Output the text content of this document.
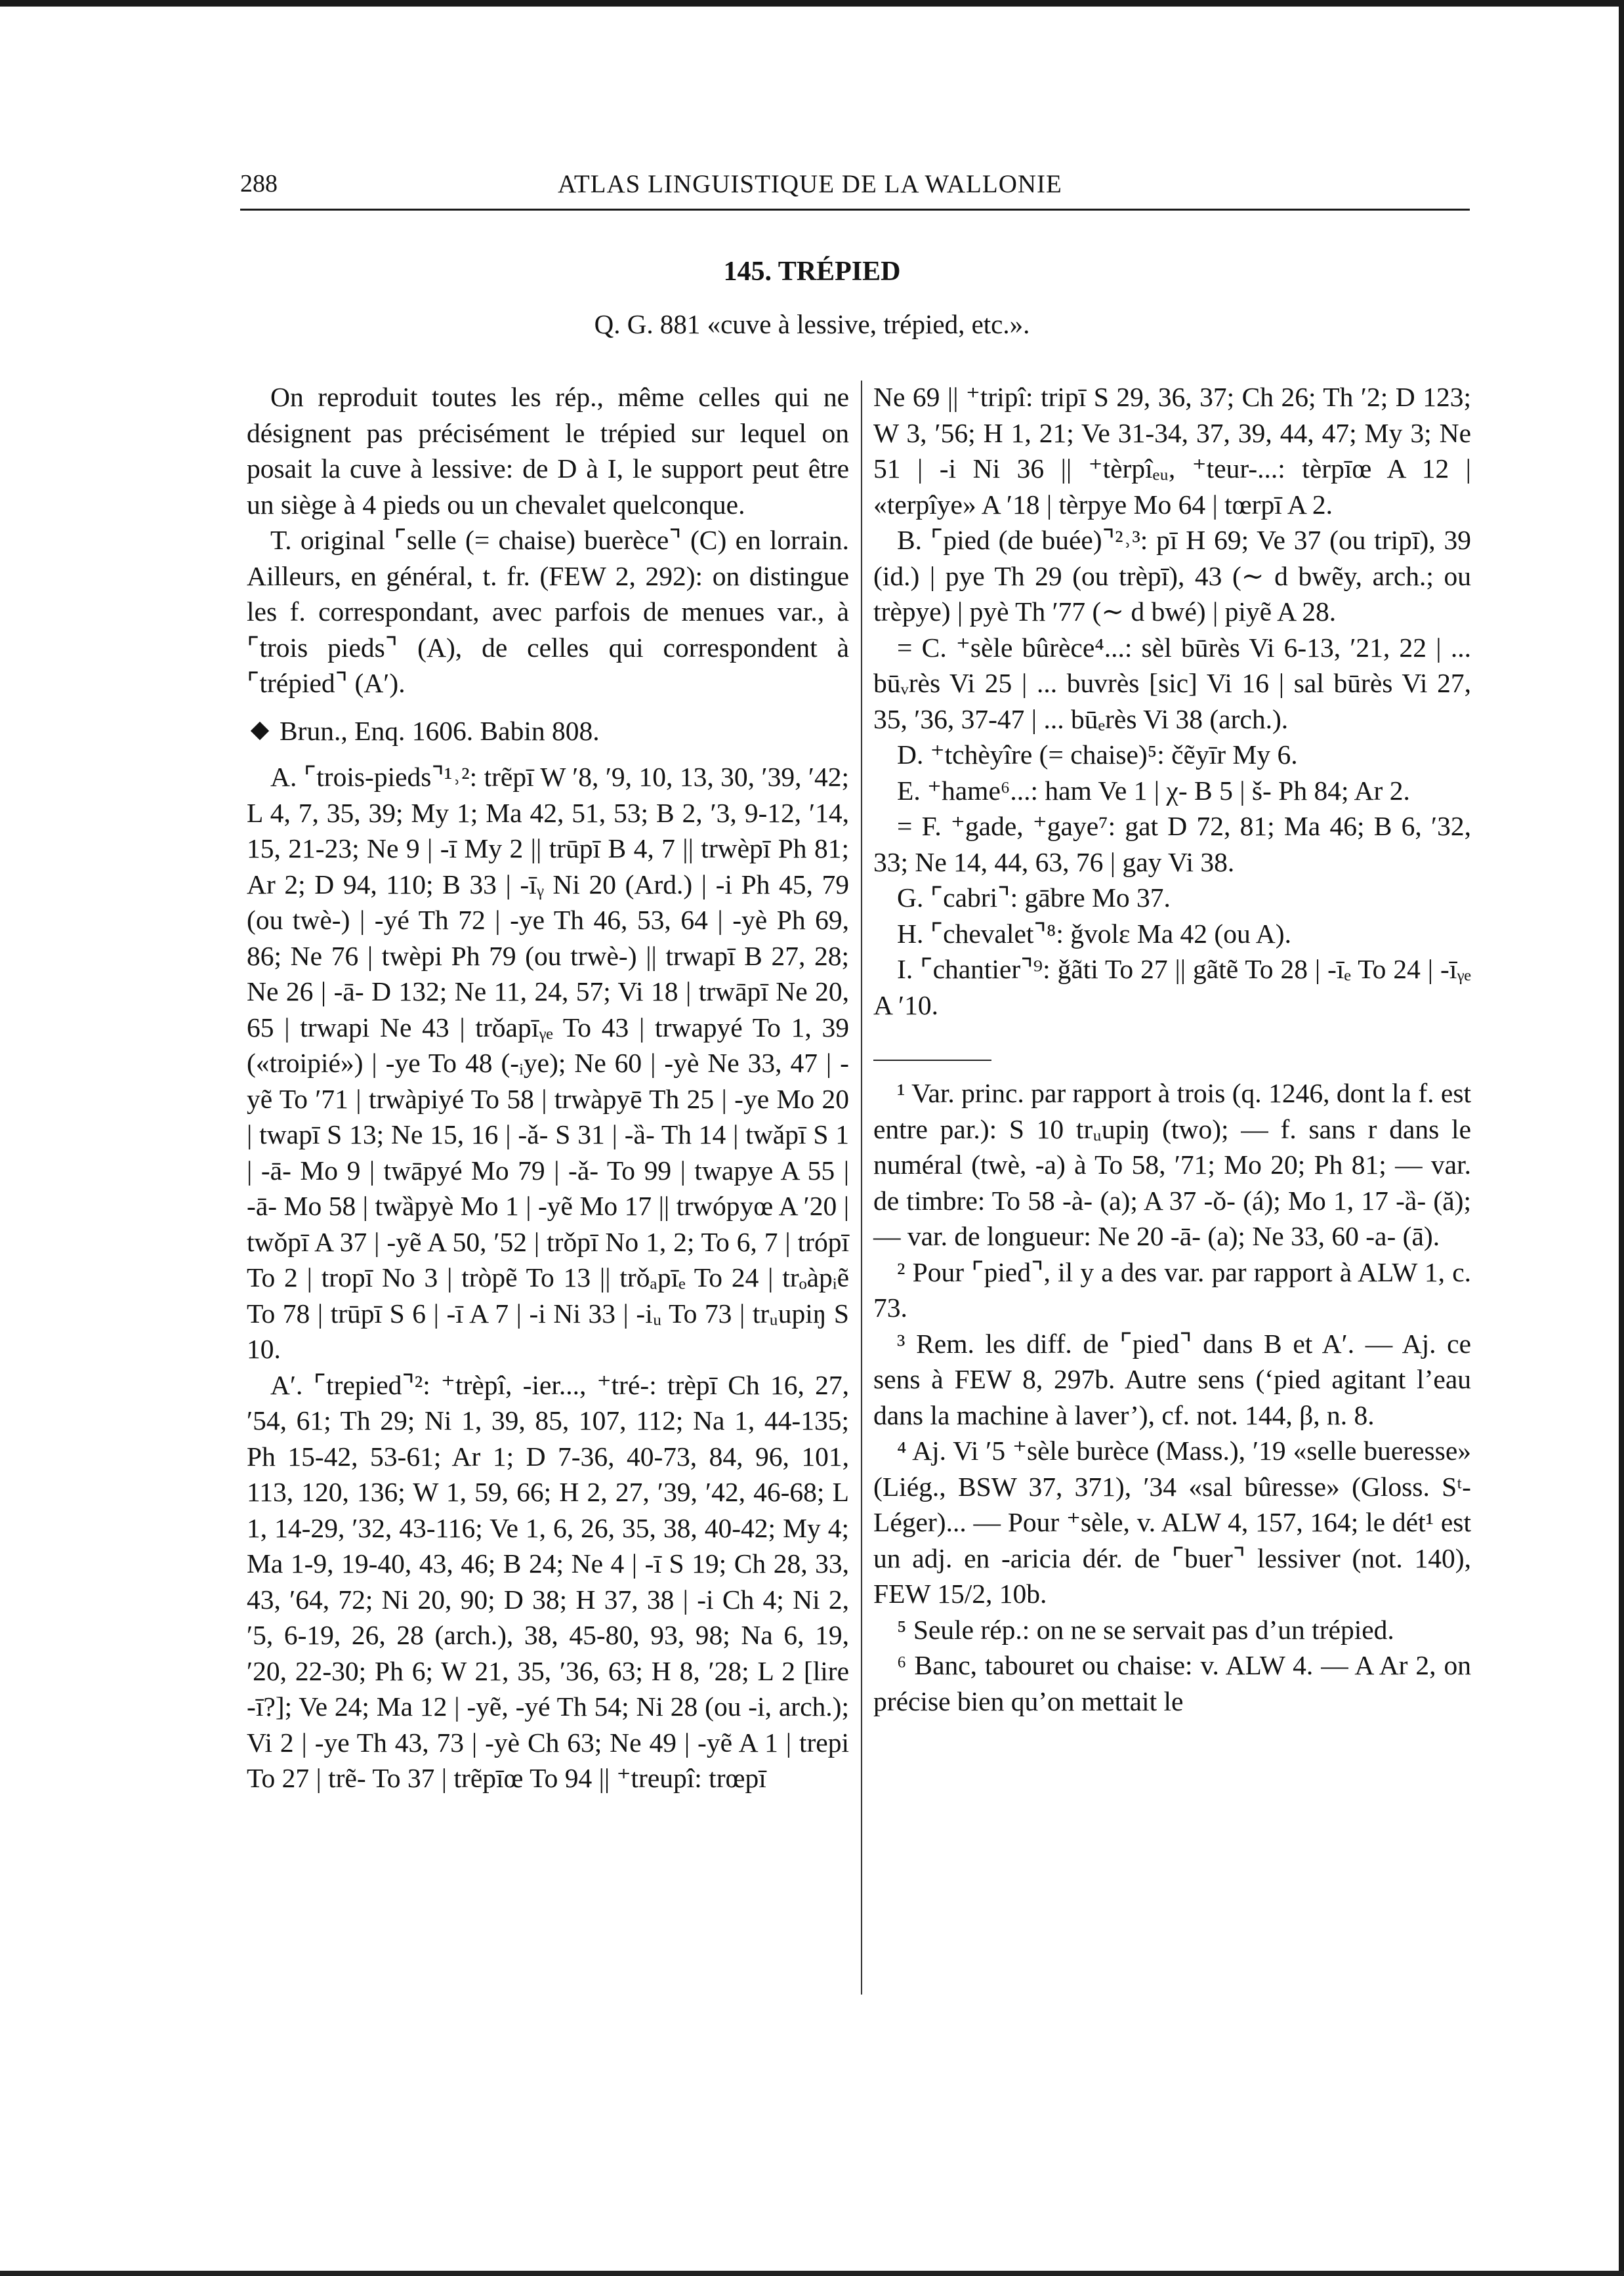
288	ATLAS LINGUISTIQUE DE LA WALLONIE
145. TRÉPIED
Q. G. 881 «cuve à lessive, trépied, etc.».

On reproduit toutes les rép., même celles qui ne désignent pas précisément le trépied sur lequel on posait la cuve à lessive: de D à I, le support peut être un siège à 4 pieds ou un chevalet quelconque.

T. original ⌜selle (= chaise) buerèce⌝ (C) en lorrain. Ailleurs, en général, t. fr. (FEW 2, 292): on distingue les f. correspondant, avec parfois de menues var., à ⌜trois pieds⌝ (A), de celles qui correspondent à ⌜trépied⌝ (A′).

Brun., Enq. 1606. Babin 808.

A. ⌜trois-pieds⌝¹˒²: trẽpī W ′8, ′9, 10, 13, 30, ′39, ′42; L 4, 7, 35, 39; My 1; Ma 42, 51, 53; B 2, ′3, 9-12, ′14, 15, 21-23; Ne 9 | -ī My 2 || trūpī B 4, 7 || trwèpī Ph 81; Ar 2; D 94, 110; B 33 | -īᵧ Ni 20 (Ard.) | -i Ph 45, 79 (ou twè-) | -yé Th 72 | -ye Th 46, 53, 64 | -yè Ph 69, 86; Ne 76 | twèpi Ph 79 (ou trwè-) || trwapī B 27, 28; Ne 26 | -ā- D 132; Ne 11, 24, 57; Vi 18 | trwāpī Ne 20, 65 | trwapi Ne 43 | trǒapīᵧₑ To 43 | trwapyé To 1, 39 («troipié») | -ye To 48 (-ᵢye); Ne 60 | -yè Ne 33, 47 | -yẽ To ′71 | trwàpiyé To 58 | trwàpyē Th 25 | -ye Mo 20 | twapī S 13; Ne 15, 16 | -ǎ- S 31 | -ȁ- Th 14 | twǎpī S 1 | -ā- Mo 9 | twāpyé Mo 79 | -ǎ- To 99 | twapye A 55 | -ā- Mo 58 | twȁpyè Mo 1 | -yẽ Mo 17 || trwópyœ A ′20 | twǒpī A 37 | -yẽ A 50, ′52 | trǒpī No 1, 2; To 6, 7 | trópī To 2 | tropī No 3 | tròpẽ To 13 || trǒₐpīₑ To 24 | trₒàpᵢẽ To 78 | trūpī S 6 | -ī A 7 | -i Ni 33 | -iᵤ To 73 | trᵤupiŋ S 10.

A′. ⌜trepied⌝²: ⁺trèpî, -ier..., ⁺tré-: trèpī Ch 16, 27, ′54, 61; Th 29; Ni 1, 39, 85, 107, 112; Na 1, 44-135; Ph 15-42, 53-61; Ar 1; D 7-36, 40-73, 84, 96, 101, 113, 120, 136; W 1, 59, 66; H 2, 27, ′39, ′42, 46-68; L 1, 14-29, ′32, 43-116; Ve 1, 6, 26, 35, 38, 40-42; My 4; Ma 1-9, 19-40, 43, 46; B 24; Ne 4 | -ī S 19; Ch 28, 33, 43, ′64, 72; Ni 20, 90; D 38; H 37, 38 | -i Ch 4; Ni 2, ′5, 6-19, 26, 28 (arch.), 38, 45-80, 93, 98; Na 6, 19, ′20, 22-30; Ph 6; W 21, 35, ′36, 63; H 8, ′28; L 2 [lire -ī?]; Ve 24; Ma 12 | -yẽ, -yé Th 54; Ni 28 (ou -i, arch.); Vi 2 | -ye Th 43, 73 | -yè Ch 63; Ne 49 | -yẽ A 1 | trepi To 27 | trẽ- To 37 | trẽpīœ To 94 || ⁺treupî: trœpī

Ne 69 || ⁺tripî: tripī S 29, 36, 37; Ch 26; Th ′2; D 123; W 3, ′56; H 1, 21; Ve 31-34, 37, 39, 44, 47; My 3; Ne 51 | -i Ni 36 || ⁺tèrpîₑᵤ, ⁺teur-...: tèrpīœ A 12 | «terpîye» A ′18 | tèrpye Mo 64 | tœrpī A 2.

B. ⌜pied (de buée)⌝²˒³: pī H 69; Ve 37 (ou tripī), 39 (id.) | pye Th 29 (ou trèpī), 43 (∼ d bwẽy, arch.; ou trèpye) | pyè Th ′77 (∼ d bwé) | piyẽ A 28.

= C. ⁺sèle bûrèce⁴...: sèl būrès Vi 6-13, ′21, 22 | ... būᵥrès Vi 25 | ... buvrès [sic] Vi 16 | sal būrès Vi 27, 35, ′36, 37-47 | ... būₑrès Vi 38 (arch.).

D. ⁺tchèyîre (= chaise)⁵: čẽyīr My 6.

E. ⁺hame⁶...: ham Ve 1 | χ- B 5 | š- Ph 84; Ar 2.

= F. ⁺gade, ⁺gaye⁷: gat D 72, 81; Ma 46; B 6, ′32, 33; Ne 14, 44, 63, 76 | gay Vi 38.

G. ⌜cabri⌝: gābre Mo 37.

H. ⌜chevalet⌝⁸: ǧvolɛ Ma 42 (ou A).

I. ⌜chantier⌝⁹: ǧãti To 27 || gãtẽ To 28 | -īₑ To 24 | -īᵧₑ A ′10.

¹ Var. princ. par rapport à trois (q. 1246, dont la f. est entre par.): S 10 trᵤupiŋ (two); — f. sans r dans le numéral (twè, -a) à To 58, ′71; Mo 20; Ph 81; — var. de timbre: To 58 -à- (a); A 37 -ǒ- (á); Mo 1, 17 -ȁ- (ă); — var. de longueur: Ne 20 -ā- (a); Ne 33, 60 -a- (ā).

² Pour ⌜pied⌝, il y a des var. par rapport à ALW 1, c. 73.

³ Rem. les diff. de ⌜pied⌝ dans B et A′. — Aj. ce sens à FEW 8, 297b. Autre sens (‘pied agitant l’eau dans la machine à laver’), cf. not. 144, β, n. 8.

⁴ Aj. Vi ′5 ⁺sèle burèce (Mass.), ′19 «selle bueresse» (Liég., BSW 37, 371), ′34 «sal bûresse» (Gloss. Sᵗ-Léger)... — Pour ⁺sèle, v. ALW 4, 157, 164; le dét¹ est un adj. en -aricia dér. de ⌜buer⌝ lessiver (not. 140), FEW 15/2, 10b.

⁵ Seule rép.: on ne se servait pas d’un trépied.

⁶ Banc, tabouret ou chaise: v. ALW 4. — A Ar 2, on précise bien qu’on mettait le
